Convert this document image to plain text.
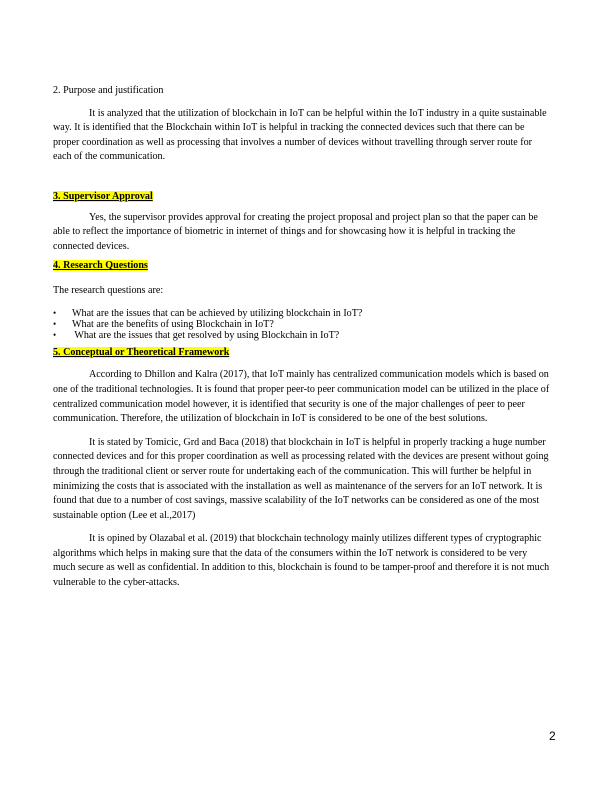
2. Purpose and justification

It is analyzed that the utilization of blockchain in IoT can be helpful within the IoT industry in a quite sustainable way. It is identified that the Blockchain within IoT is helpful in tracking the connected devices such that there can be proper coordination as well as processing that involves a number of devices without travelling through server route for each of the communication.

3. Supervisor Approval

Yes, the supervisor provides approval for creating the project proposal and project plan so that the paper can be able to reflect the importance of biometric in internet of things and for showcasing how it is helpful in tracking the connected devices.

4. Research Questions

The research questions are:

• What are the issues that can be achieved by utilizing blockchain in IoT?
• What are the benefits of using Blockchain in IoT?
• What are the issues that get resolved by using Blockchain in IoT?

5. Conceptual or Theoretical Framework

According to Dhillon and Kalra (2017), that IoT mainly has centralized communication models which is based on one of the traditional technologies. It is found that proper peer-to peer communication model can be utilized in the place of centralized communication model however, it is identified that security is one of the major challenges of peer to peer communication. Therefore, the utilization of blockchain in IoT is considered to be one of the best solutions.

It is stated by Tomicic, Grd and Baca (2018) that blockchain in IoT is helpful in properly tracking a huge number connected devices and for this proper coordination as well as processing related with the devices are present without going through the traditional client or server route for undertaking each of the communication. This will further be helpful in minimizing the costs that is associated with the installation as well as maintenance of the servers for an IoT network. It is found that due to a number of cost savings, massive scalability of the IoT networks can be considered as one of the most sustainable option (Lee et al.,2017)

It is opined by Olazabal et al. (2019) that blockchain technology mainly utilizes different types of cryptographic algorithms which helps in making sure that the data of the consumers within the IoT network is considered to be very much secure as well as confidential. In addition to this, blockchain is found to be tamper-proof and therefore it is not much vulnerable to the cyber-attacks.

2
